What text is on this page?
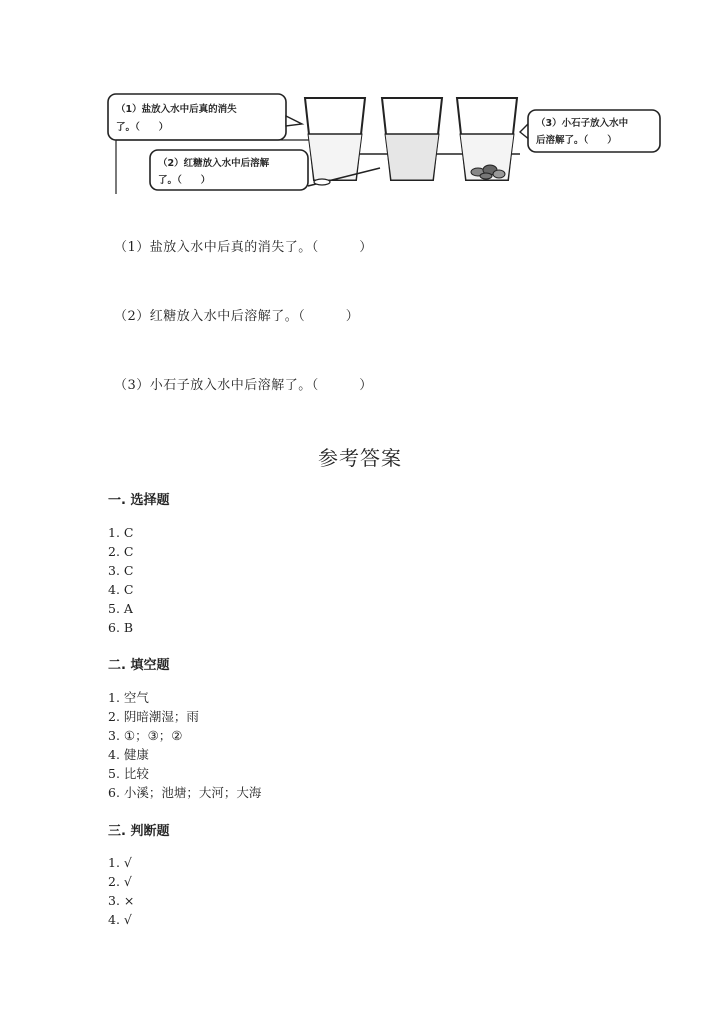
（1）盐放入水中后真的消失
了。（　　）
（2）红糖放入水中后溶解
了。（　　）
（3）小石子放入水中
后溶解了。（　　）
（1）盐放入水中后真的消失了。（　　　）
（2）红糖放入水中后溶解了。（　　　）
（3）小石子放入水中后溶解了。（　　　）
参考答案
一. 选择题
1. C
2. C
3. C
4. C
5. A
6. B
二. 填空题
1. 空气
2. 阴暗潮湿；雨
3. ①；③；②
4. 健康
5. 比较
6. 小溪；池塘；大河；大海
三. 判断题
1. √
2. √
3. ×
4. √
